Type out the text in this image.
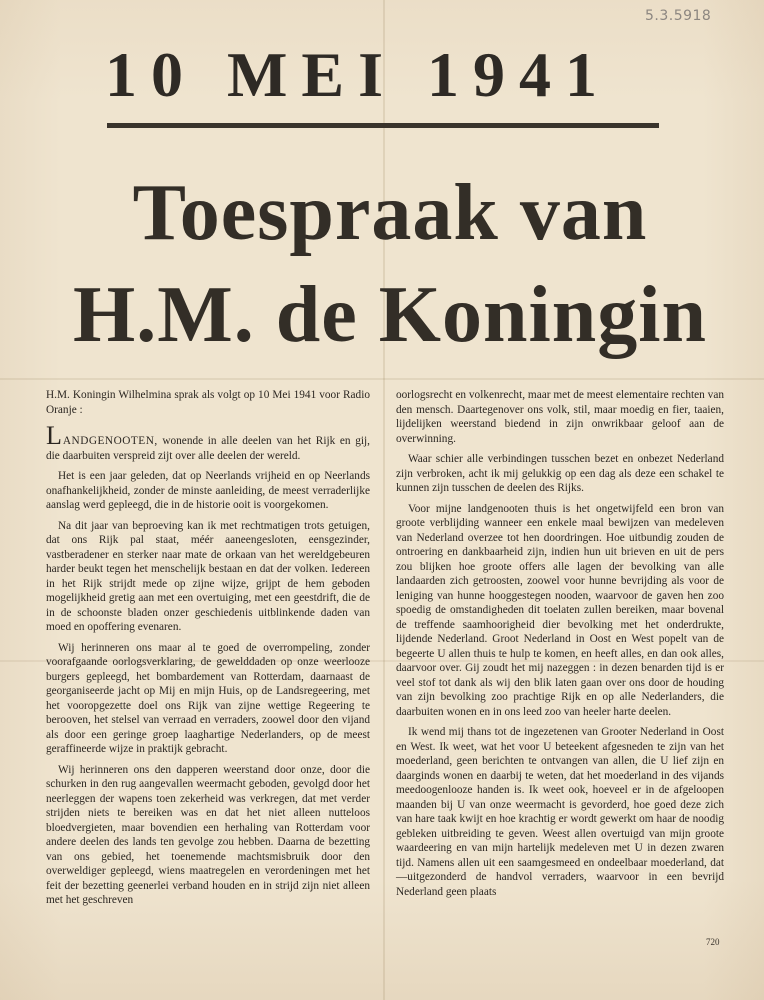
5.3.5918
10 MEI 1941
Toespraak van
H.M. de Koningin

H.M. Koningin Wilhelmina sprak als volgt op 10 Mei 1941 voor Radio Oranje :

LANDGENOOTEN, wonende in alle deelen van het Rijk en gij, die daarbuiten verspreid zijt over alle deelen der wereld.

Het is een jaar geleden, dat op Neerlands vrijheid en op Neerlands onafhankelijkheid, zonder de minste aanleiding, de meest verraderlijke aanslag werd gepleegd, die in de historie ooit is voorgekomen.

Na dit jaar van beproeving kan ik met rechtmatigen trots getuigen, dat ons Rijk pal staat, méér aaneengesloten, eensgezinder, vastberadener en sterker naar mate de orkaan van het wereldgebeuren harder beukt tegen het menschelijk bestaan en dat der volken. Iedereen in het Rijk strijdt mede op zijne wijze, grijpt de hem geboden mogelijkheid gretig aan met een overtuiging, met een geestdrift, die de in de schoonste bladen onzer geschiedenis uitblinkende daden van moed en opoffering evenaren.

Wij herinneren ons maar al te goed de overrompeling, zonder voorafgaande oorlogsverklaring, de gewelddaden op onze weerlooze burgers gepleegd, het bombardement van Rotterdam, daarnaast de georganiseerde jacht op Mij en mijn Huis, op de Landsregeering, met het vooropgezette doel ons Rijk van zijne wettige Regeering te berooven, het stelsel van verraad en verraders, zoowel door den vijand als door een geringe groep laaghartige Nederlanders, op de meest geraffineerde wijze in praktijk gebracht.

Wij herinneren ons den dapperen weerstand door onze, door die schurken in den rug aangevallen weermacht geboden, gevolgd door het neerleggen der wapens toen zekerheid was verkregen, dat met verder strijden niets te bereiken was en dat het niet alleen nutteloos bloedvergieten, maar bovendien een herhaling van Rotterdam voor andere deelen des lands ten gevolge zou hebben. Daarna de bezetting van ons gebied, het toenemende machtsmisbruik door den overweldiger gepleegd, wiens maatregelen en verordeningen met het feit der bezetting geenerlei verband houden en in strijd zijn niet alleen met het geschreven

oorlogsrecht en volkenrecht, maar met de meest elementaire rechten van den mensch. Daartegenover ons volk, stil, maar moedig en fier, taaien, lijdelijken weerstand biedend in zijn onwrikbaar geloof aan de overwinning.

Waar schier alle verbindingen tusschen bezet en onbezet Nederland zijn verbroken, acht ik mij gelukkig op een dag als deze een schakel te kunnen zijn tusschen de deelen des Rijks.

Voor mijne landgenooten thuis is het ongetwijfeld een bron van groote verblijding wanneer een enkele maal bewijzen van medeleven van Nederland overzee tot hen doordringen. Hoe uitbundig zouden de ontroering en dankbaarheid zijn, indien hun uit brieven en uit de pers zou blijken hoe groote offers alle lagen der bevolking van alle landaarden zich getroosten, zoowel voor hunne bevrijding als voor de leniging van hunne hooggestegen nooden, waarvoor de gaven hen zoo spoedig de omstandigheden dit toelaten zullen bereiken, maar bovenal de treffende saamhoorigheid dier bevolking met het onderdrukte, lijdende Nederland. Groot Nederland in Oost en West popelt van de begeerte U allen thuis te hulp te komen, en heeft alles, en dan ook alles, daarvoor over. Gij zoudt het mij nazeggen : in dezen benarden tijd is er veel stof tot dank als wij den blik laten gaan over ons door de houding van zijn bevolking zoo prachtige Rijk en op alle Nederlanders, die daarbuiten wonen en in ons leed zoo van heeler harte deelen.

Ik wend mij thans tot de ingezetenen van Grooter Nederland in Oost en West. Ik weet, wat het voor U beteekent afgesneden te zijn van het moederland, geen berichten te ontvangen van allen, die U lief zijn en daarginds wonen en daarbij te weten, dat het moederland in des vijands meedoogenlooze handen is. Ik weet ook, hoeveel er in de afgeloopen maanden bij U van onze weermacht is gevorderd, hoe goed deze zich van hare taak kwijt en hoe krachtig er wordt gewerkt om haar de noodig gebleken uitbreiding te geven. Weest allen overtuigd van mijn groote waardeering en van mijn hartelijk medeleven met U in dezen zwaren tijd. Namens allen uit een saamgesmeed en ondeelbaar moederland, dat—uitgezonderd de handvol verraders, waarvoor in een bevrijd Nederland geen plaats

720
